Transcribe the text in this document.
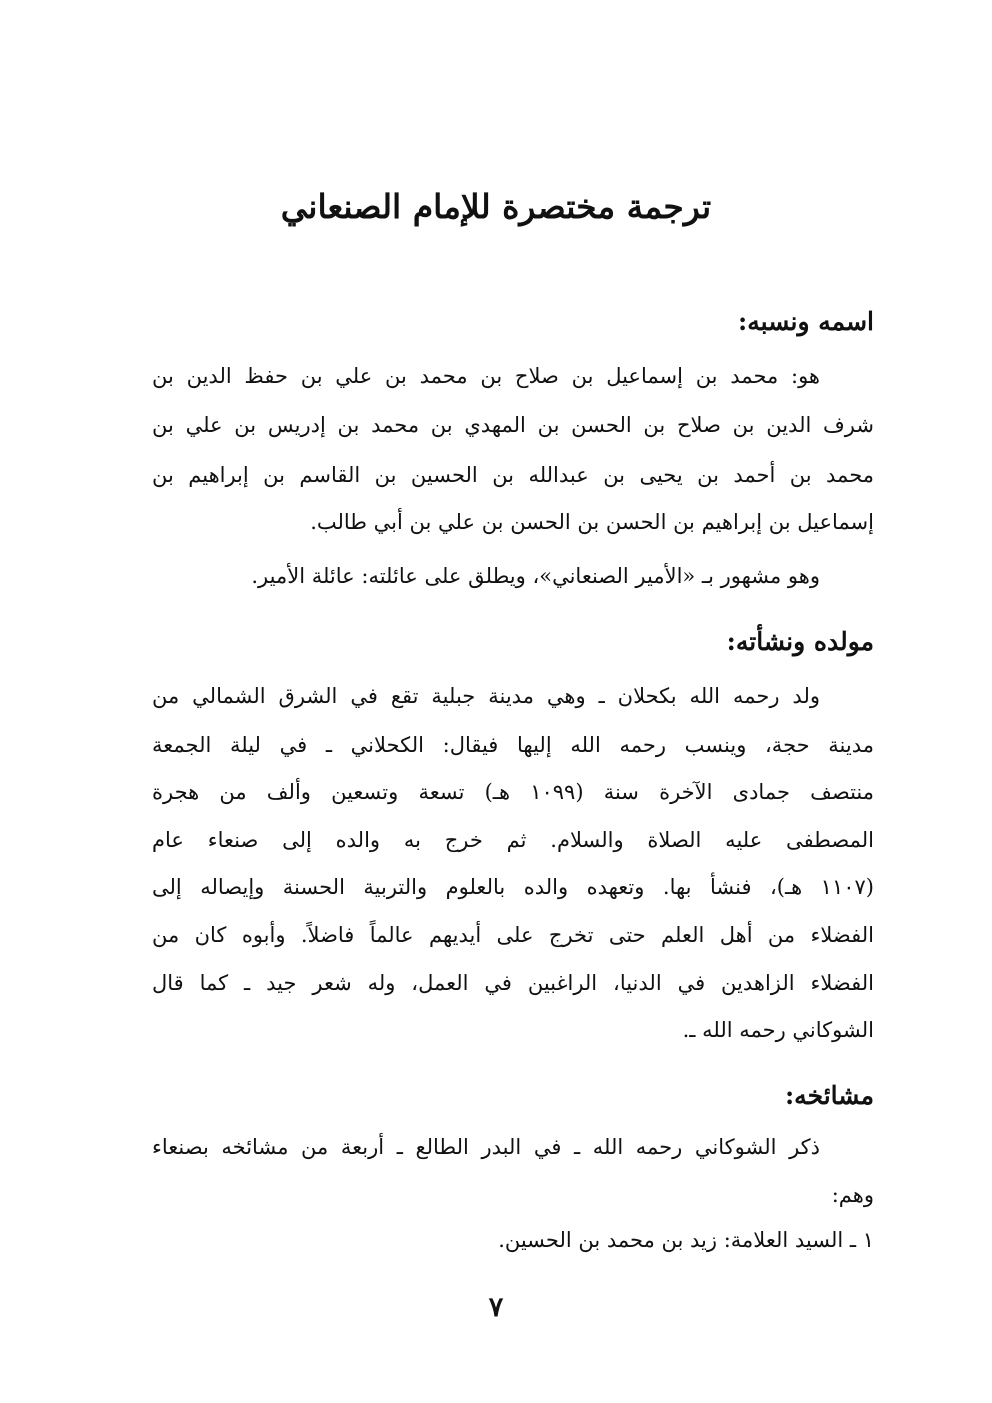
ترجمة مختصرة للإمام الصنعاني
اسمه ونسبه:

هو: محمد بن إسماعيل بن صلاح بن محمد بن علي بن حفظ الدين بن

شرف الدين بن صلاح بن الحسن بن المهدي بن محمد بن إدريس بن علي بن

محمد بن أحمد بن يحيى بن عبدالله بن الحسين بن القاسم بن إبراهيم بن

إسماعيل بن إبراهيم بن الحسن بن الحسن بن علي بن أبي طالب.

وهو مشهور بـ «الأمير الصنعاني»، ويطلق على عائلته: عائلة الأمير.

مولده ونشأته:

ولد رحمه الله بكحلان ـ وهي مدينة جبلية تقع في الشرق الشمالي من

مدينة حجة، وينسب رحمه الله إليها فيقال: الكحلاني ـ في ليلة الجمعة

منتصف جمادى الآخرة سنة (١٠٩٩ هـ) تسعة وتسعين وألف من هجرة

المصطفى عليه الصلاة والسلام. ثم خرج به والده إلى صنعاء عام

(١١٠٧ هـ)، فنشأ بها. وتعهده والده بالعلوم والتربية الحسنة وإيصاله إلى

الفضلاء من أهل العلم حتى تخرج على أيديهم عالماً فاضلاً. وأبوه كان من

الفضلاء الزاهدين في الدنيا، الراغبين في العمل، وله شعر جيد ـ كما قال

الشوكاني رحمه الله ـ.

مشائخه:

ذكر الشوكاني رحمه الله ـ في البدر الطالع ـ أربعة من مشائخه بصنعاء

وهم:

١ ـ السيد العلامة: زيد بن محمد بن الحسين.

٧
